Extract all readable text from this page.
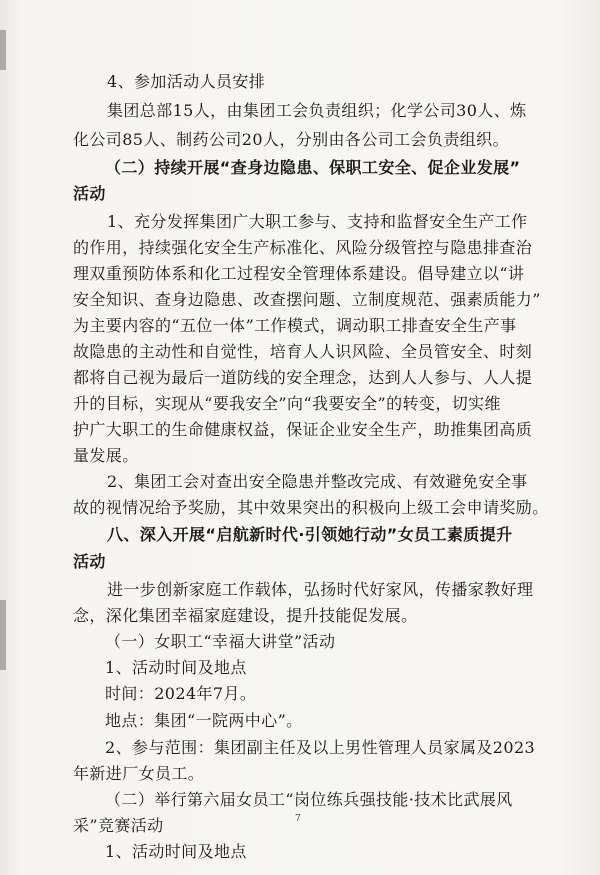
4、参加活动人员安排
集团总部15人，由集团工会负责组织；化学公司30人、炼
化公司85人、制药公司20人，分别由各公司工会负责组织。
（二）持续开展“查身边隐患、保职工安全、促企业发展”
活动
1、充分发挥集团广大职工参与、支持和监督安全生产工作
的作用，持续强化安全生产标准化、风险分级管控与隐患排查治
理双重预防体系和化工过程安全管理体系建设。倡导建立以“讲
安全知识、查身边隐患、改查摆问题、立制度规范、强素质能力”
为主要内容的“五位一体”工作模式，调动职工排查安全生产事
故隐患的主动性和自觉性，培育人人识风险、全员管安全、时刻
都将自己视为最后一道防线的安全理念，达到人人参与、人人提
升的目标，实现从“要我安全”向“我要安全”的转变，切实维
护广大职工的生命健康权益，保证企业安全生产，助推集团高质
量发展。
2、集团工会对查出安全隐患并整改完成、有效避免安全事
故的视情况给予奖励，其中效果突出的积极向上级工会申请奖励。
八、深入开展“启航新时代·引领她行动”女员工素质提升
活动
进一步创新家庭工作载体，弘扬时代好家风，传播家教好理
念，深化集团幸福家庭建设，提升技能促发展。
（一）女职工“幸福大讲堂”活动
1、活动时间及地点
时间：2024年7月。
地点：集团“一院两中心”。
2、参与范围：集团副主任及以上男性管理人员家属及2023
年新进厂女员工。
（二）举行第六届女员工“岗位练兵强技能·技术比武展风
采”竞赛活动
1、活动时间及地点
7
